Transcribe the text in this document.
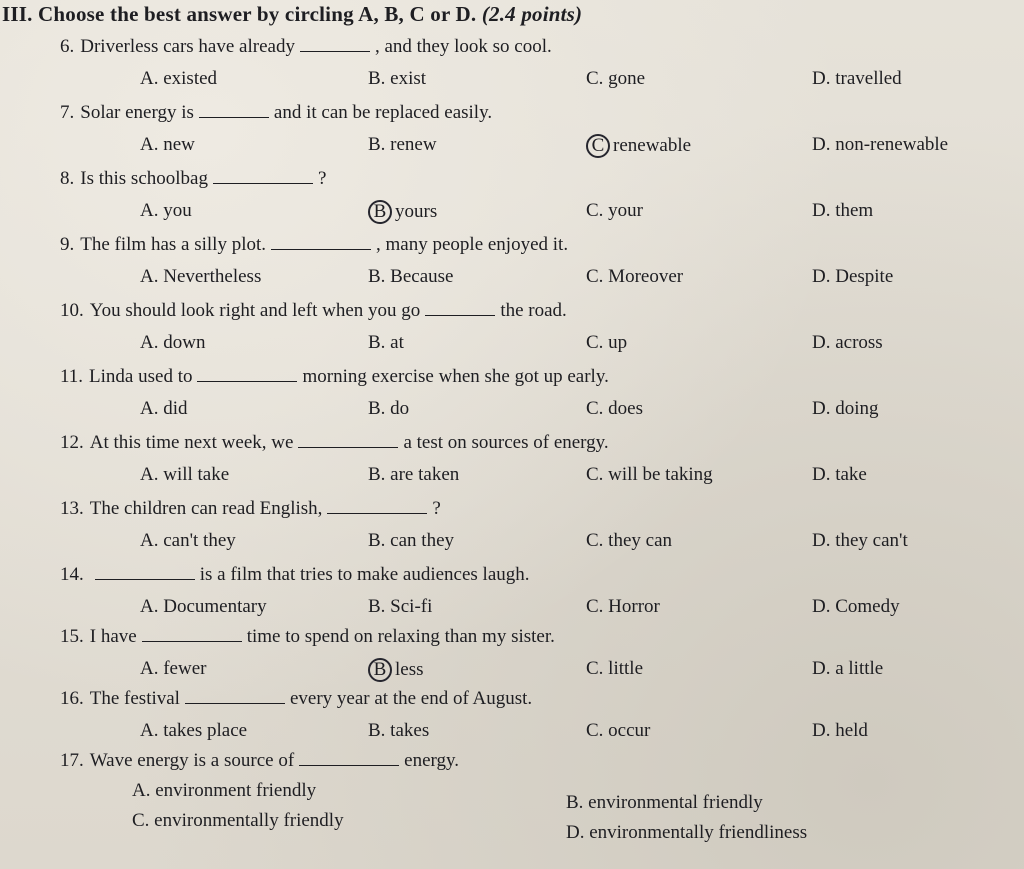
III. Choose the best answer by circling A, B, C or D. (2.4 points)
6. Driverless cars have already	, and they look so cool.
A. existed	B. exist	C. gone	D. travelled
7. Solar energy is	and it can be replaced easily.
A. new	B. renew	C renewable	D. non-renewable
8. Is this schoolbag	?
A. you	B yours	C. your	D. them
9. The film has a silly plot.	, many people enjoyed it.
A. Nevertheless	B. Because	C. Moreover	D. Despite
10. You should look right and left when you go	the road.
A. down	B. at	C. up	D. across
11. Linda used to	morning exercise when she got up early.
A. did	B. do	C. does	D. doing
12. At this time next week, we	a test on sources of energy.
A. will take	B. are taken	C. will be taking	D. take
13. The children can read English,	?
A. can't they	B. can they	C. they can	D. they can't
14.	is a film that tries to make audiences laugh.
A. Documentary	B. Sci-fi	C. Horror	D. Comedy
15. I have	time to spend on relaxing than my sister.
A. fewer	B less	C. little	D. a little
16. The festival	every year at the end of August.
A. takes place	B. takes	C. occur	D. held
17. Wave energy is a source of	energy.
A. environment friendly
B. environmental friendly
C. environmentally friendly
D. environmentally friendliness
